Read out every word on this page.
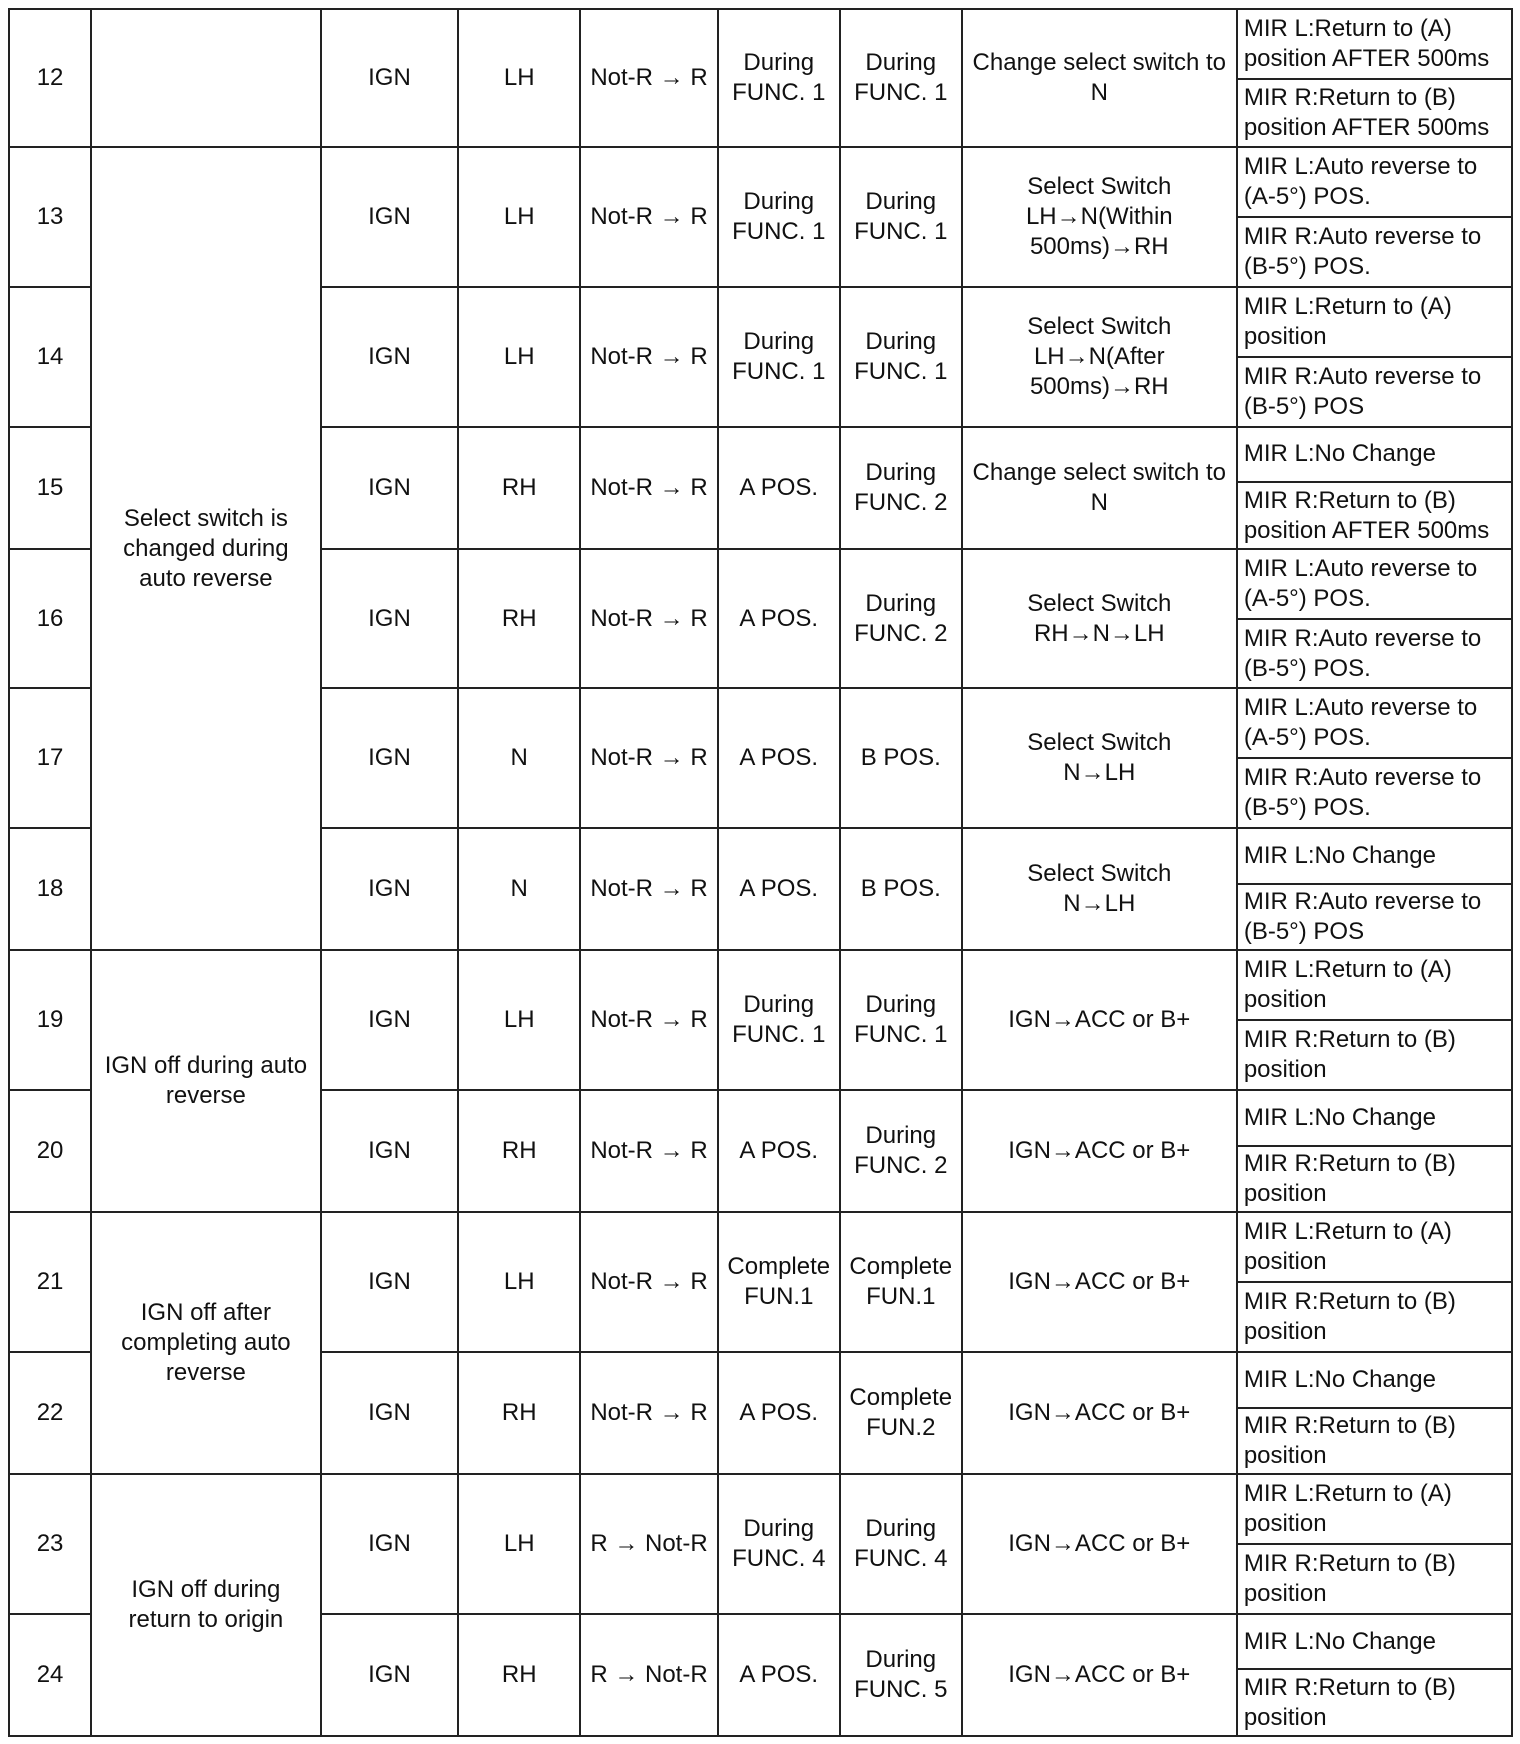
12		IGN	LH	Not-R → R	During
FUNC. 1	During
FUNC. 1	Change select switch to
N	MIR L:Return to (A)
position AFTER 500ms
								MIR R:Return to (B)
position AFTER 500ms
13	Select switch is
changed during
auto reverse	IGN	LH	Not-R → R	During
FUNC. 1	During
FUNC. 1	Select Switch
LH→N(Within
500ms)→RH	MIR L:Auto reverse to
(A-5°) POS.
								MIR R:Auto reverse to
(B-5°) POS.
14		IGN	LH	Not-R → R	During
FUNC. 1	During
FUNC. 1	Select Switch
LH→N(After
500ms)→RH	MIR L:Return to (A)
position
								MIR R:Auto reverse to
(B-5°) POS
15		IGN	RH	Not-R → R	A POS.	During
FUNC. 2	Change select switch to
N	MIR L:No Change
								MIR R:Return to (B)
position AFTER 500ms
16		IGN	RH	Not-R → R	A POS.	During
FUNC. 2	Select Switch
RH→N→LH	MIR L:Auto reverse to
(A-5°) POS.
								MIR R:Auto reverse to
(B-5°) POS.
17		IGN	N	Not-R → R	A POS.	B POS.	Select Switch
N→LH	MIR L:Auto reverse to
(A-5°) POS.
								MIR R:Auto reverse to
(B-5°) POS.
18		IGN	N	Not-R → R	A POS.	B POS.	Select Switch
N→LH	MIR L:No Change
								MIR R:Auto reverse to
(B-5°) POS
19	IGN off during auto
reverse	IGN	LH	Not-R → R	During
FUNC. 1	During
FUNC. 1	IGN→ACC or B+	MIR L:Return to (A)
position
								MIR R:Return to (B)
position
20		IGN	RH	Not-R → R	A POS.	During
FUNC. 2	IGN→ACC or B+	MIR L:No Change
								MIR R:Return to (B)
position
21	IGN off after
completing auto
reverse	IGN	LH	Not-R → R	Complete
FUN.1	Complete
FUN.1	IGN→ACC or B+	MIR L:Return to (A)
position
								MIR R:Return to (B)
position
22		IGN	RH	Not-R → R	A POS.	Complete
FUN.2	IGN→ACC or B+	MIR L:No Change
								MIR R:Return to (B)
position
23	IGN off during
return to origin	IGN	LH	R → Not-R	During
FUNC. 4	During
FUNC. 4	IGN→ACC or B+	MIR L:Return to (A)
position
								MIR R:Return to (B)
position
24		IGN	RH	R → Not-R	A POS.	During
FUNC. 5	IGN→ACC or B+	MIR L:No Change
								MIR R:Return to (B)
position
